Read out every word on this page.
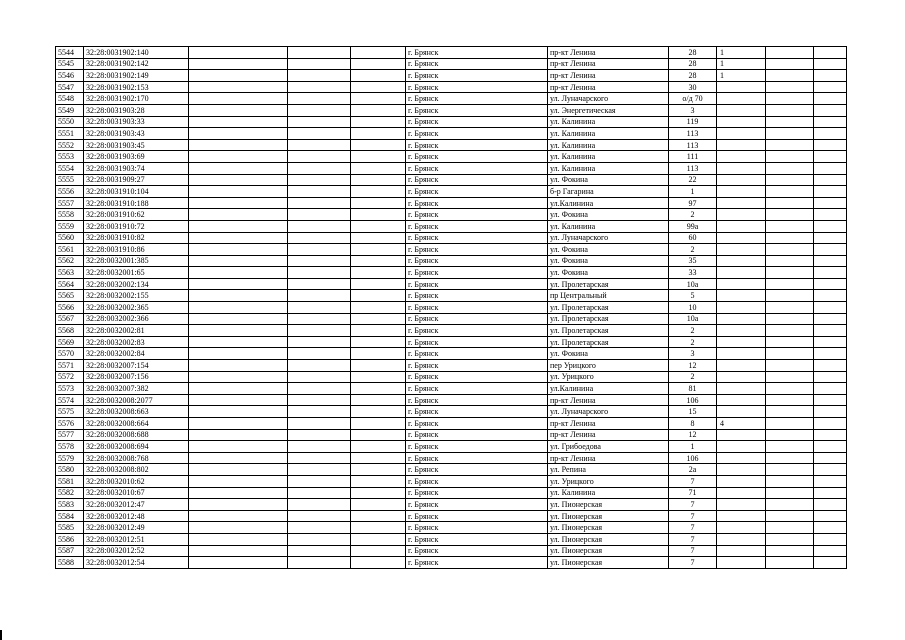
5544	32:28:0031902:140				г. Брянск	пр-кт Ленина	28	1		
5545	32:28:0031902:142				г. Брянск	пр-кт Ленина	28	1		
5546	32:28:0031902:149				г. Брянск	пр-кт Ленина	28	1		
5547	32:28:0031902:153				г. Брянск	пр-кт Ленина	30			
5548	32:28:0031902:170				г. Брянск	ул. Луначарского	о/д 70			
5549	32:28:0031903:28				г. Брянск	ул. Энергетическая	3			
5550	32:28:0031903:33				г. Брянск	ул. Калинина	119			
5551	32:28:0031903:43				г. Брянск	ул. Калинина	113			
5552	32:28:0031903:45				г. Брянск	ул. Калинина	113			
5553	32:28:0031903:69				г. Брянск	ул. Калинина	111			
5554	32:28:0031903:74				г. Брянск	ул. Калинина	113			
5555	32:28:0031909:27				г. Брянск	ул. Фокина	22			
5556	32:28:0031910:104				г. Брянск	б-р Гагарина	1			
5557	32:28:0031910:188				г. Брянск	ул.Калинина	97			
5558	32:28:0031910:62				г. Брянск	ул. Фокина	2			
5559	32:28:0031910:72				г. Брянск	ул. Калинина	99а			
5560	32:28:0031910:82				г. Брянск	ул. Луначарского	60			
5561	32:28:0031910:86				г. Брянск	ул. Фокина	2			
5562	32:28:0032001:385				г. Брянск	ул. Фокина	35			
5563	32:28:0032001:65				г. Брянск	ул. Фокина	33			
5564	32:28:0032002:134				г. Брянск	ул. Пролетарская	10а			
5565	32:28:0032002:155				г. Брянск	пр Центральный	5			
5566	32:28:0032002:365				г. Брянск	ул. Пролетарская	10			
5567	32:28:0032002:366				г. Брянск	ул. Пролетарская	10а			
5568	32:28:0032002:81				г. Брянск	ул. Пролетарская	2			
5569	32:28:0032002:83				г. Брянск	ул. Пролетарская	2			
5570	32:28:0032002:84				г. Брянск	ул. Фокина	3			
5571	32:28:0032007:154				г. Брянск	пер Урицкого	12			
5572	32:28:0032007:156				г. Брянск	ул. Урицкого	2			
5573	32:28:0032007:382				г. Брянск	ул.Калинина	81			
5574	32:28:0032008:2077				г. Брянск	пр-кт Ленина	106			
5575	32:28:0032008:663				г. Брянск	ул. Луначарского	15			
5576	32:28:0032008:664				г. Брянск	пр-кт Ленина	8	4		
5577	32:28:0032008:688				г. Брянск	пр-кт Ленина	12			
5578	32:28:0032008:694				г. Брянск	ул. Грибоедова	1			
5579	32:28:0032008:768				г. Брянск	пр-кт Ленина	106			
5580	32:28:0032008:802				г. Брянск	ул. Репина	2а			
5581	32:28:0032010:62				г. Брянск	ул. Урицкого	7			
5582	32:28:0032010:67				г. Брянск	ул. Калинина	71			
5583	32:28:0032012:47				г. Брянск	ул. Пионерская	7			
5584	32:28:0032012:48				г. Брянск	ул. Пионерская	7			
5585	32:28:0032012:49				г. Брянск	ул. Пионерская	7			
5586	32:28:0032012:51				г. Брянск	ул. Пионерская	7			
5587	32:28:0032012:52				г. Брянск	ул. Пионерская	7			
5588	32:28:0032012:54				г. Брянск	ул. Пионерская	7			
